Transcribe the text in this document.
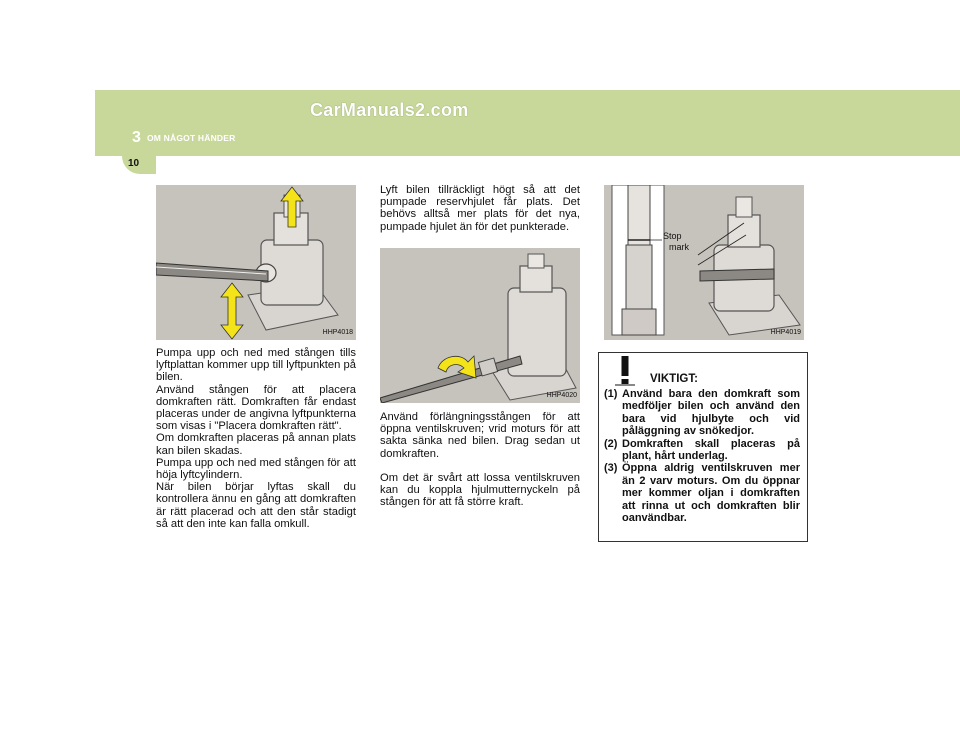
CarManuals2.com
3 OM NÅGOT HÄNDER
10
HHP4018
HHP4020
HHP4019
Stop
mark

Pumpa upp och ned med stången tills lyftplattan kommer upp till lyftpunkten på bilen.

Använd stången för att placera domkraften rätt. Domkraften får endast placeras under de angivna lyftpunkterna som visas i "Placera domkraften rätt".

Om domkraften placeras på annan plats kan bilen skadas.

Pumpa upp och ned med stången för att höja lyftcylindern.

När bilen börjar lyftas skall du kontrollera ännu en gång att domkraften är rätt placerad och att den står stadigt så att den inte kan falla omkull.

Lyft bilen tillräckligt högt så att det pumpade reservhjulet får plats. Det behövs alltså mer plats för det nya, pumpade hjulet än för det punkterade.

Använd förlängningsstången för att öppna ventilskruven; vrid moturs för att sakta sänka ned bilen. Drag sedan ut domkraften.

Om det är svårt att lossa ventilskruven kan du koppla hjulmutternyckeln på stången för att få större kraft.

VIKTIGT:
(1) Använd bara den domkraft som medföljer bilen och använd den bara vid hjulbyte och vid påläggning av snökedjor.
(2) Domkraften skall placeras på plant, hårt underlag.
(3) Öppna aldrig ventilskruven mer än 2 varv moturs. Om du öppnar mer kommer oljan i domkraften att rinna ut och domkraften blir oanvändbar.
